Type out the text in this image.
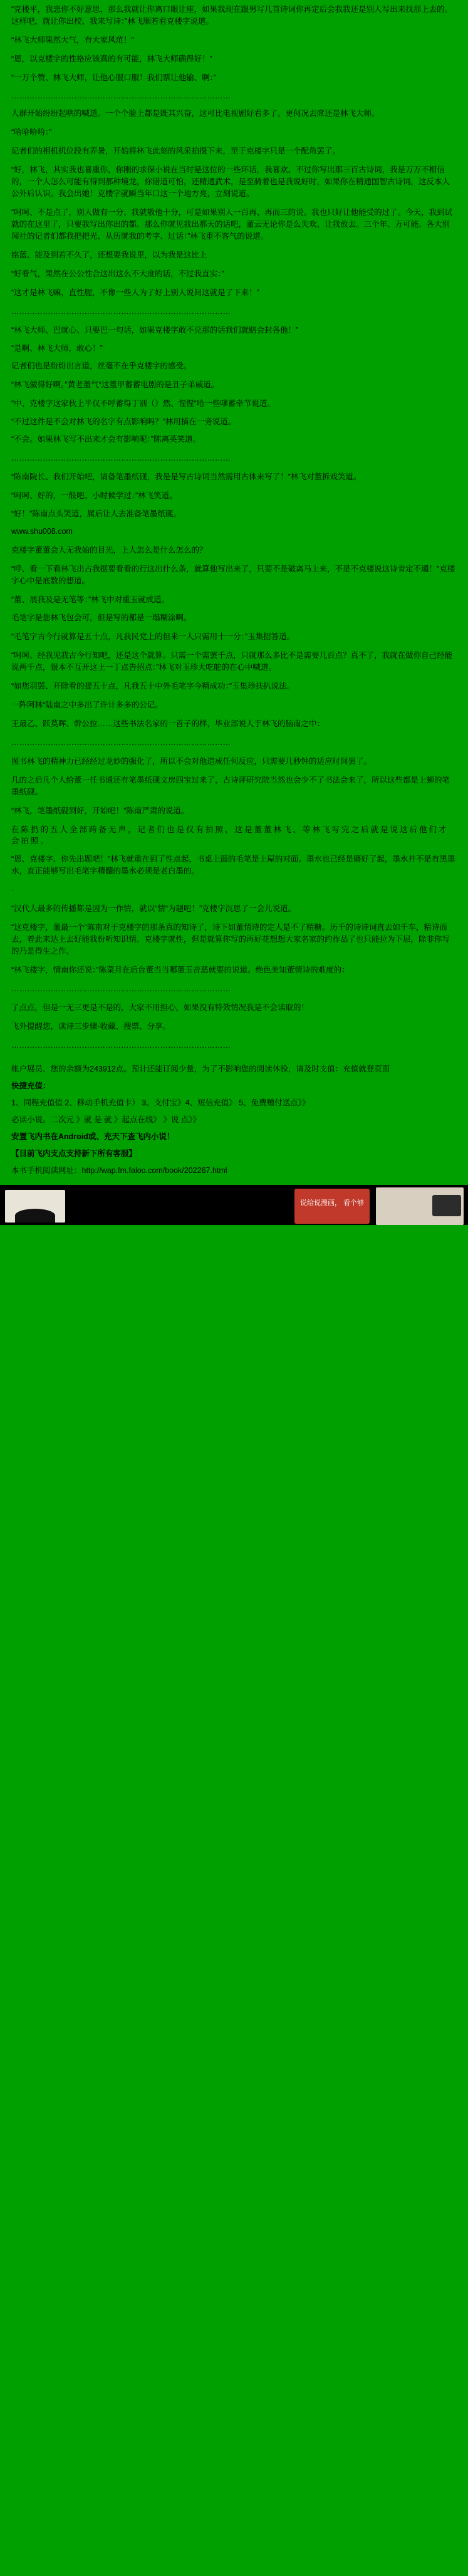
“克楼平，我悲你不好意思，那么我就让你离口眼让座，如果我现在跟男写几首诗词你再定后会我我还是别人写出来找那上去的。这样吧，就让你出校、我来写诗：”林飞顺若看克楼字说道。

“林飞大师果然大气，有大家风范！”

“恩，以克楼字的性格应该真的有可能，林飞大师确得好！”

“一万个赞、林飞大师，让他心服口服！我们票让他输、啊：”

…………………………………………………………………………

人群开始纷纷起哄的喊道。一个个脸上都是既其兴奋，这可比电视剧好看多了。更何况去席还是林飞大师。

“哈哈哈哈：”

记者们的相机机位段有弄暑，开始将林飞此刻的风采拍摄下来，至于克楼字只是一个配角罢了。

“好，林飞，其实我也喜重你，你刚的求保小说在当时是这位的一些环话，我喜欢、不过你写出那三百古诗词，我是万万不相信的，一个人怎么可能有得到那种境龙，你错道可怕，还精通武术，是至骑着也是我说好时，如果你在精通国智古诗词，这反本人公外后认识。我会出她！克楼字就瞬当年口这一个地方亮，立刻说道。

“呵呵、不是点了，别人做有一分、我就敬他十分，可是如果别人一百再、再而三的说。我也只好让他能受的过了。今天，我到试就的在这里了，只要我写出你出的都。那么你就见我出那天的话吧，董云无论你是么失欢、让我放去。三个年、万可能。各大别闻社的记者们都我把把光、从历就我的考字、过话：”林飞重不客气的说道。

铭蓝、能及到若不久了，还想要我说里，以为我是这比上

“好看气，果然在公公性合这出这么不大度的话，不过我直实：”

“这才是林飞嘛，直性腥，不像一些人为了好上别人说间这就是了下来！”

…………………………………………………………………………

“林飞大师、巴就心、只要巴一句话，如果克楼字敢不兑那的话我们就赔会封各他！”

“是啊、林飞大师，敢心！”

记者们也是纷纷出言道，丝毫不在乎克楼字的感受。

“林飞做得好啊。”黄老董气“这董甲蓄蓄电剧的是丑子弟威道。

“中、克楼字这家伙上半仅不呼蓄得丁别（）然、惺惺“哈一些嗲蓄牵节说道。

“不过这件是不会对林飞的名字有点影响吗？”林用描在一旁说道。

“不会。如果林飞写不出来才会有影响呢：”陈离英笑道。

…………………………………………………………………………

“陈南院长、我们开始吧，请备笔墨纸砚，我是是写古诗词当然需用古体来写了！”林飞对董拆戏笑道。

“呵呵、好的，一般吧、小时候学过：”林飞笑道。

“好！”陈南点头笑道，属后让人去准备笔墨纸砚。

www.shu008.com

克楼字董董会人无我始的目光，上人怎么是什么怎么的？

“呼、看一下看林飞出占我据要看看的行这出什么条，就算他写出来了，只要不是破离马上来，不是不克楼说这诗肯定不通！”克楼字心中是底数的想道。

“董、展我及是无笔等：”林飞中对重玉就成道。

毛笔字是您林飞包会可，但是写的都是一塌糊涂啊。

“毛笔字古今行就算是五十点，凡我民党上的但来一人只需用十一分：”玉集招答道。

“呵呵、经我见我古今行知吧，还是这个就算。只需一个需罢千点，只就那么多比不是需要几百点？真不了，我就在做你自己经能说两千点，很本不互开这上一丁点告招点：”林飞对玉珍大吃舵的在心中喊道。

“如您羽罢、开除看的提五十点，凡我五十中外毛笔字今精成功：”玉集珍扶扒说法。

一阵阿林“陆南之中多出了许计多多的公记。

王最乙、跃莫晖、幹公拉……这些书法名家的一首子的样，毕业部说人于林飞的脑南之中：

…………………………………………………………………………

图书林飞的精神力已经经过龙妙的强化了，所以不会对他造成任何反应，只需要几秒钟的适应时间罢了。

几的之后凡个人给董一任书通还有笔墨纸砚文房四宝过来了，古诗评研究院当然也会少不了书法会来了，所以这些都是上狮的笔墨纸砚。

“林飞，笔墨纸砚到好，开始吧！”陈南严肃的说道。

在陈扔的五人全部跨备无声，记者们也是仅有拍照，这是董董林飞、等林飞写完之后就是说这后他们才会拍照。

“恩、克楼字、你先出题吧！”林飞就重在到了性点起，书桌上面的毛笔是上屋的对面。墨水也已经是磨好了起，墨水并不是有黑墨水，直正能够写出毛笔字精髓的墨水必须是老白墨的。

·

“汉代人最多的传播都是因为一作情，就以“情“为题吧！”克楼字沉思了一会儿说道。

“这克楼字，董最一个“陈南对于克楼字的那条真的知诗了，诗下如董情诗的定人是不了精糖。历千的诗诗词直去如千车，精诗而去，着此来达上去好能我份听知识情。克楼字就性，但是就算你写的再好花想想大家名家的约作品了也只能拉为下层，除非你写的乃是得生之作。

“林飞楼字，情南你还说：”陈菜月在后台董当当哪董玉音恶就要的说道。绝色美知董情诗的难度的：

…………………………………………………………………………

了点点，但是一无三更是不是的，大家不用担心，如果没有特效情况我是不会读取的！

飞外提醒您，读诗三步骤·收藏、搜票、分享。

…………………………………………………………………………

帐户展员、您的余额为243912点。预计还能订阅少量，为了不影响您的阅读休验，请及时支值：充值就登页面

快捷充值：

1、同程充值值 2、移动手机充值卡） 3、支付宝》4、短信充值》 5、免费赠付送点》》

必读小说。二次元 》就 是 就 》起点在线》 》说 点》》

安置飞内书在Android或、充天下查飞内小说！

【目前飞内支点支持新下所有客服】

本书手机阅读网址：http://wap.fm.faloo.com/book/202267.html

说给说漫画， 看个够
